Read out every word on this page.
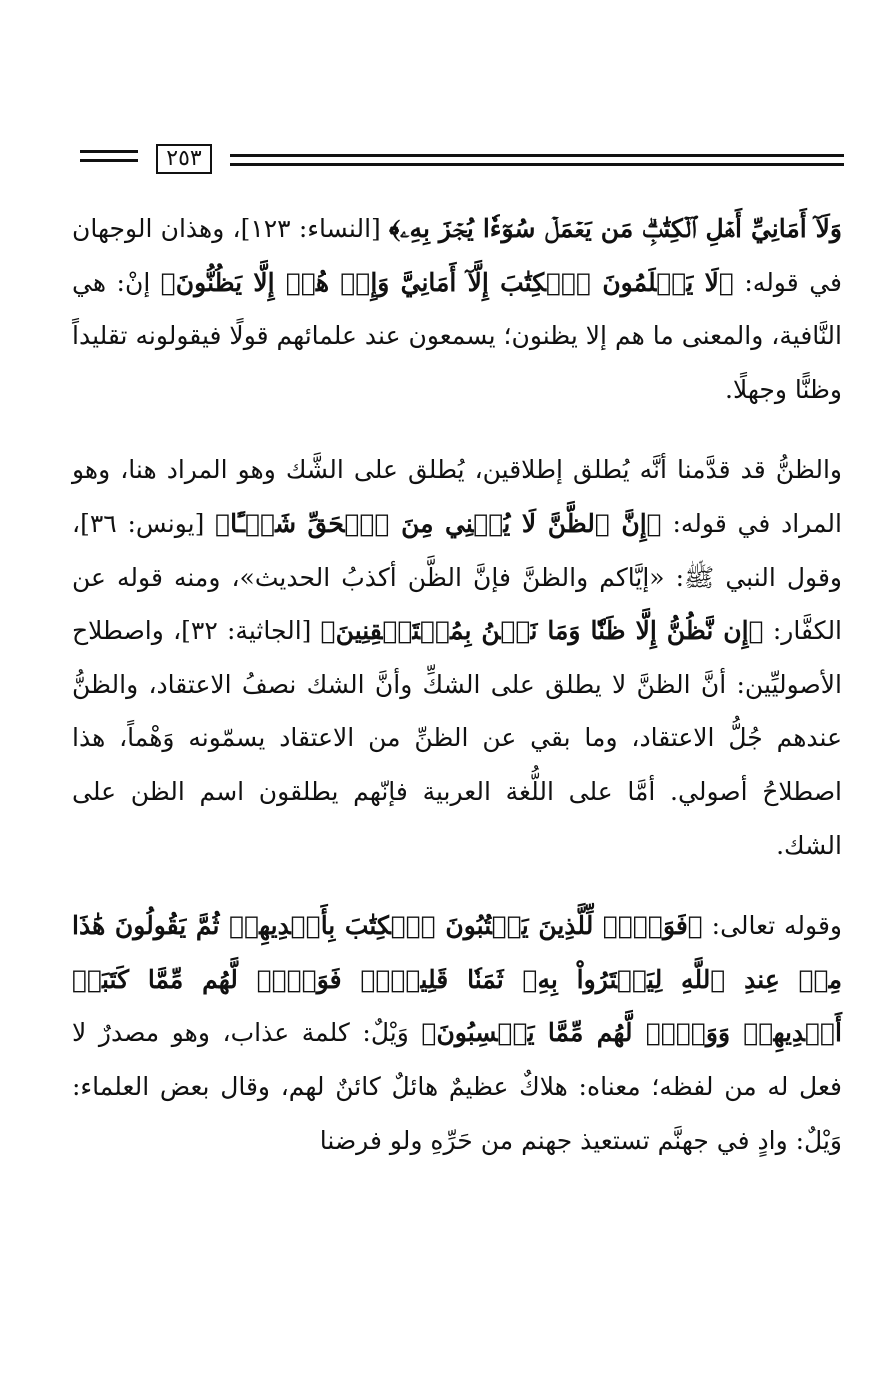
٢٥٣

وَلَآ أَمَانِيِّ أَهۡلِ ٱلۡكِتَٰبِۗ مَن يَعۡمَلۡ سُوٓءٗا يُجۡزَ بِهِۦ﴾ [النساء: ١٢٣]، وهذان الوجهان في قوله: ﴿لَا يَعۡلَمُونَ ٱلۡكِتَٰبَ إِلَّآ أَمَانِيَّ وَإِنۡ هُمۡ إِلَّا يَظُنُّونَ﴾ إنْ: هي النَّافية، والمعنى ما هم إلا يظنون؛ يسمعون عند علمائهم قولًا فيقولونه تقليداً وظنًّا وجهلًا.

والظنُّ قد قدَّمنا أنَّه يُطلق إطلاقين، يُطلق على الشَّك وهو المراد هنا، وهو المراد في قوله: ﴿إِنَّ ٱلظَّنَّ لَا يُغۡنِي مِنَ ٱلۡحَقِّ شَيۡـًٔا﴾ [يونس: ٣٦]، وقول النبي ﷺ: «إيَّاكم والظنَّ فإنَّ الظَّن أكذبُ الحديث»، ومنه قوله عن الكفَّار: ﴿إِن نَّظُنُّ إِلَّا ظَنّٗا وَمَا نَحۡنُ بِمُسۡتَيۡقِنِينَ﴾ [الجاثية: ٣٢]، واصطلاح الأصوليِّين: أنَّ الظنَّ لا يطلق على الشكِّ وأنَّ الشك نصفُ الاعتقاد، والظنُّ عندهم جُلُّ الاعتقاد، وما بقي عن الظنِّ من الاعتقاد يسمّونه وَهْماً، هذا اصطلاحُ أصولي. أمَّا على اللُّغة العربية فإنّهم يطلقون اسم الظن على الشك.

وقوله تعالى: ﴿فَوَيۡلٞ لِّلَّذِينَ يَكۡتُبُونَ ٱلۡكِتَٰبَ بِأَيۡدِيهِمۡ ثُمَّ يَقُولُونَ هَٰذَا مِنۡ عِندِ ٱللَّهِ لِيَشۡتَرُواْ بِهِۦ ثَمَنٗا قَلِيلٗاۖ فَوَيۡلٞ لَّهُم مِّمَّا كَتَبَتۡ أَيۡدِيهِمۡ وَوَيۡلٞ لَّهُم مِّمَّا يَكۡسِبُونَ﴾ وَيْلٌ: كلمة عذاب، وهو مصدرٌ لا فعل له من لفظه؛ معناه: هلاكٌ عظيمٌ هائلٌ كائنٌ لهم، وقال بعض العلماء: وَيْلٌ: وادٍ في جهنَّم تستعيذ جهنم من حَرِّهِ ولو فرضنا
